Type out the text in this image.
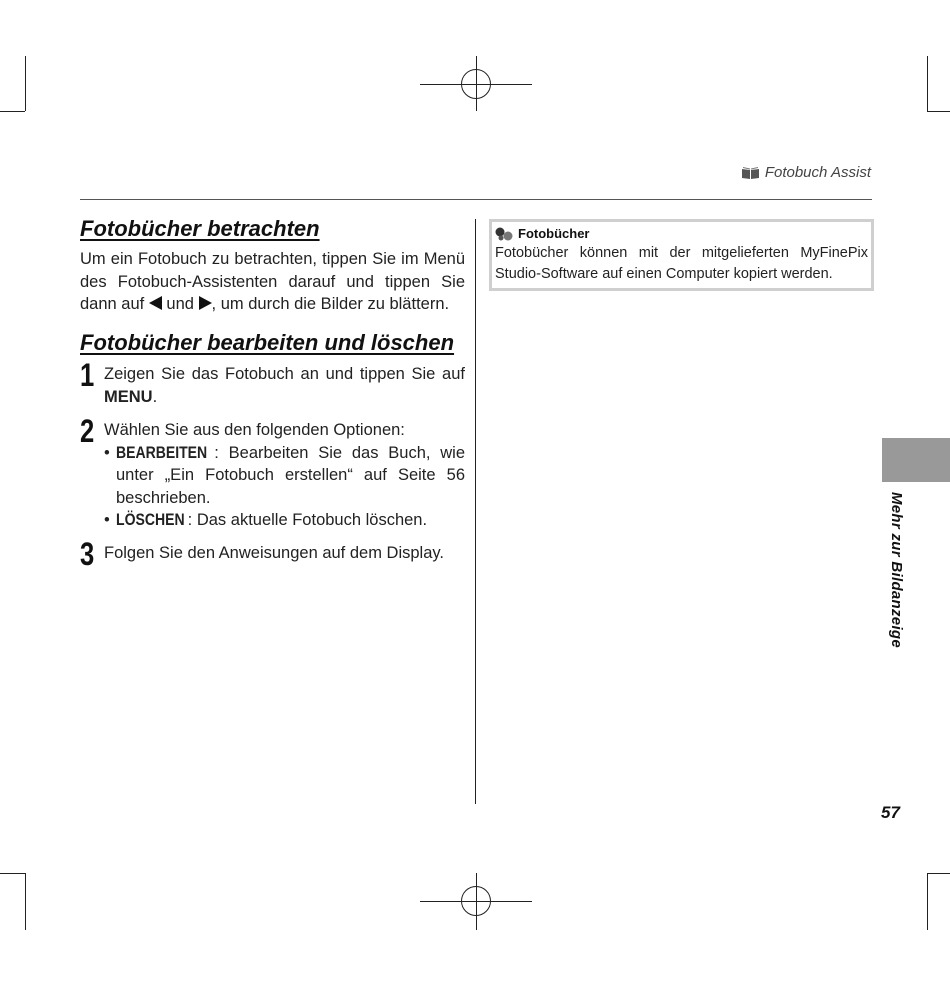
Fotobuch Assist
Fotobücher betrachten

Um ein Fotobuch zu betrachten, tippen Sie im Menü des Fotobuch-Assistenten darauf und tippen Sie dann auf und , um durch die Bilder zu blättern.

Fotobücher bearbeiten und löschen
1 Zeigen Sie das Fotobuch an und tippen Sie auf MENU.
2 Wählen Sie aus den folgenden Optionen:
• BEARBEITEN : Bearbeiten Sie das Buch, wie unter „Ein Fotobuch erstellen“ auf Seite 56 beschrieben.
• LÖSCHEN : Das aktuelle Fotobuch löschen.
3 Folgen Sie den Anweisungen auf dem Display.
Fotobücher

Fotobücher können mit der mitgelieferten MyFinePix Studio-Software auf einen Computer kopiert werden.

Mehr zur Bildanzeige
57
